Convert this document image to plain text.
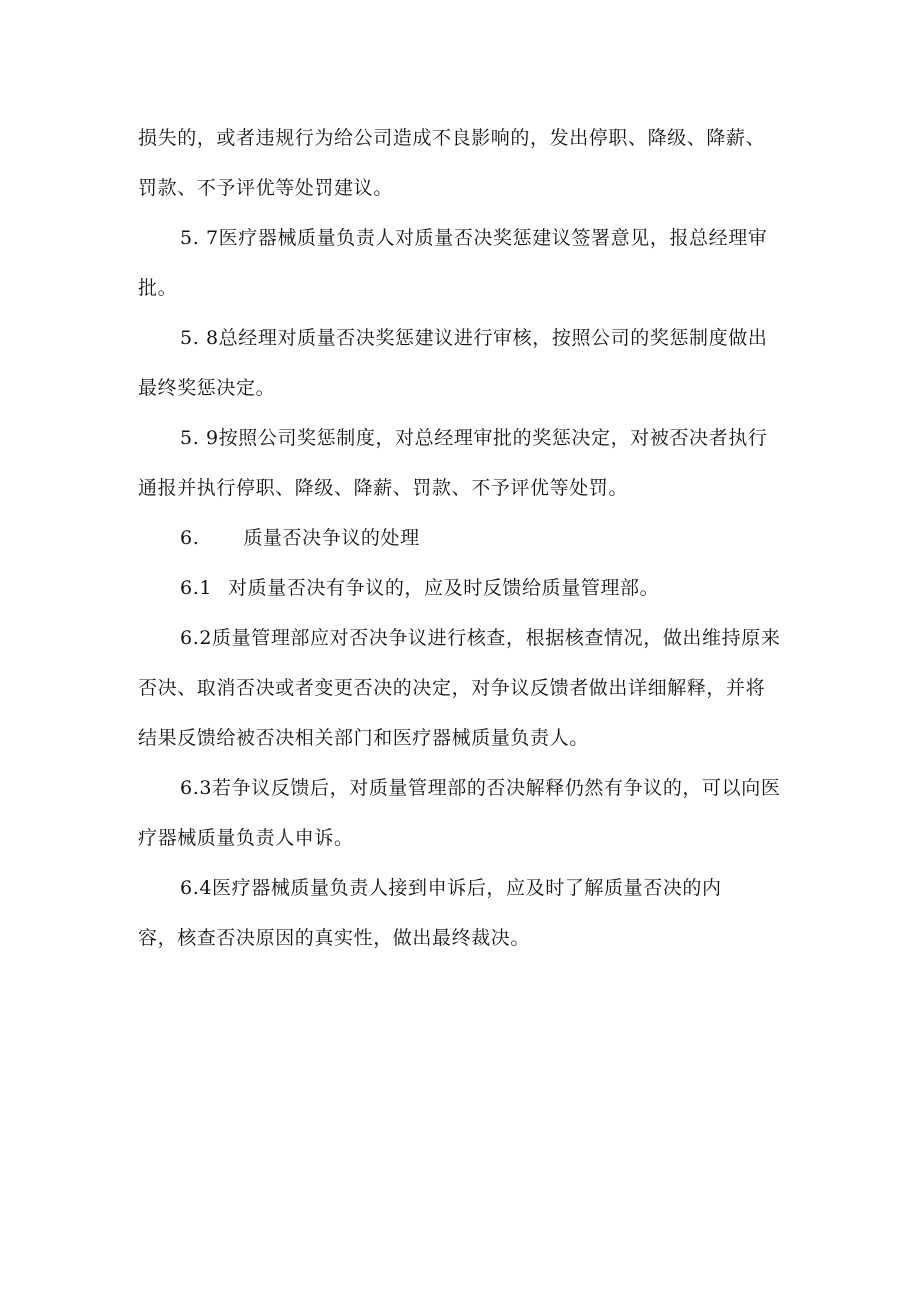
损失的，或者违规行为给公司造成不良影响的，发出停职、降级、降薪、
罚款、不予评优等处罚建议。
5. 7医疗器械质量负责人对质量否决奖惩建议签署意见，报总经理审
批。
5. 8总经理对质量否决奖惩建议进行审核，按照公司的奖惩制度做出
最终奖惩决定。
5. 9按照公司奖惩制度，对总经理审批的奖惩决定，对被否决者执行
通报并执行停职、降级、降薪、罚款、不予评优等处罚。
6. 质量否决争议的处理
6.1 对质量否决有争议的，应及时反馈给质量管理部。
6.2质量管理部应对否决争议进行核查，根据核查情况，做出维持原来
否决、取消否决或者变更否决的决定，对争议反馈者做出详细解释，并将
结果反馈给被否决相关部门和医疗器械质量负责人。
6.3若争议反馈后，对质量管理部的否决解释仍然有争议的，可以向医
疗器械质量负责人申诉。
6.4医疗器械质量负责人接到申诉后，应及时了解质量否决的内
容，核查否决原因的真实性，做出最终裁决。
